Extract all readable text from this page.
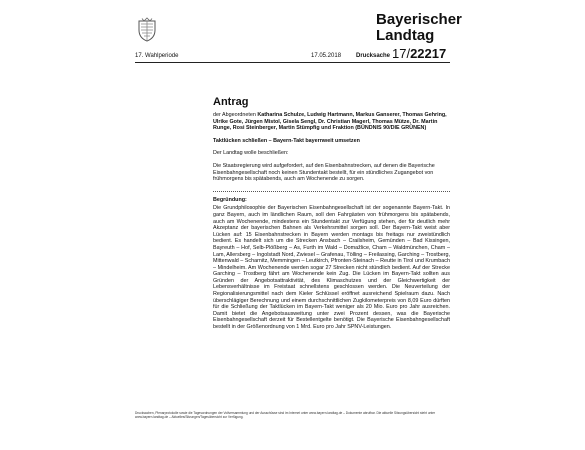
Bayerischer
Landtag
17. Wahlperiode	17.05.2018 Drucksache 17/22217
Antrag

der Abgeordneten Katharina Schulze, Ludwig Hartmann, Markus Ganserer, Thomas Gehring, Ulrike Gote, Jürgen Mistol, Gisela Sengl, Dr. Christian Magerl, Thomas Mütze, Dr. Martin Runge, Rosi Steinberger, Martin Stümpfig und Fraktion (BÜNDNIS 90/DIE GRÜNEN)

Taktlücken schließen – Bayern-Takt bayernweit umsetzen

Der Landtag wolle beschließen:

Die Staatsregierung wird aufgefordert, auf den Eisenbahnstrecken, auf denen die Bayerische Eisenbahngesellschaft noch keinen Stundentakt bestellt, für ein stündliches Zugangebot von frühmorgens bis spätabends, auch am Wochenende zu sorgen.

Begründung:

Die Grundphilosophie der Bayerischen Eisenbahngesellschaft ist der sogenannte Bayern-Takt. In ganz Bayern, auch im ländlichen Raum, soll den Fahrgästen von frühmorgens bis spätabends, auch am Wochenende, mindestens ein Stundentakt zur Verfügung stehen, der für deutlich mehr Akzeptanz der bayerischen Bahnen als Verkehrsmittel sorgen soll. Der Bayern-Takt weist aber Lücken auf: 15 Eisenbahnstrecken in Bayern werden montags bis freitags nur zweistündlich bedient. Es handelt sich um die Strecken Ansbach – Crailsheim, Gemünden – Bad Kissingen, Bayreuth – Hof, Selb-Plößberg – As, Furth im Wald – Domažlice, Cham – Waldmünchen, Cham – Lam, Allersberg – Ingolstadt Nord, Zwiesel – Grafenau, Tölling – Freilassing, Garching – Trostberg, Mittenwald – Scharnitz, Memmingen – Leutkirch, Pfronten-Steinach – Reutte in Tirol und Krumbach – Mindelheim. Am Wochenende werden sogar 27 Strecken nicht stündlich bedient. Auf der Strecke Garching – Trostberg fährt am Wochenende kein Zug. Die Lücken im Bayern-Takt sollten aus Gründen der Angebotsattraktivität, des Klimaschutzes und der Gleichwertigkeit der Lebensverhältnisse im Freistaat schnellstens geschlossen werden. Die Neuverteilung der Regionalisierungsmittel nach dem Kieler Schlüssel eröffnet ausreichend Spielraum dazu. Nach überschlägiger Berechnung und einem durchschnittlichen Zugkilometerpreis von 8,09 Euro dürften für die Schließung der Taktlücken im Bayern-Takt weniger als 20 Mio. Euro pro Jahr ausreichen. Damit bietet die Angebotsausweitung unter zwei Prozent dessen, was die Bayerische Eisenbahngesellschaft derzeit für Bestellentgelte benötigt. Die Bayerische Eisenbahngesellschaft bestellt in der Größenordnung von 1 Mrd. Euro pro Jahr SPNV-Leistungen.

Drucksachen, Plenarprotokolle sowie die Tagesordnungen der Vollversammlung und der Ausschüsse sind im Internet unter www.bayern.landtag.de – Dokumente abrufbar. Die aktuelle Sitzungsübersicht steht unter www.bayern.landtag.de – Aktuelles/Sitzungen/Tagesübersicht zur Verfügung.
